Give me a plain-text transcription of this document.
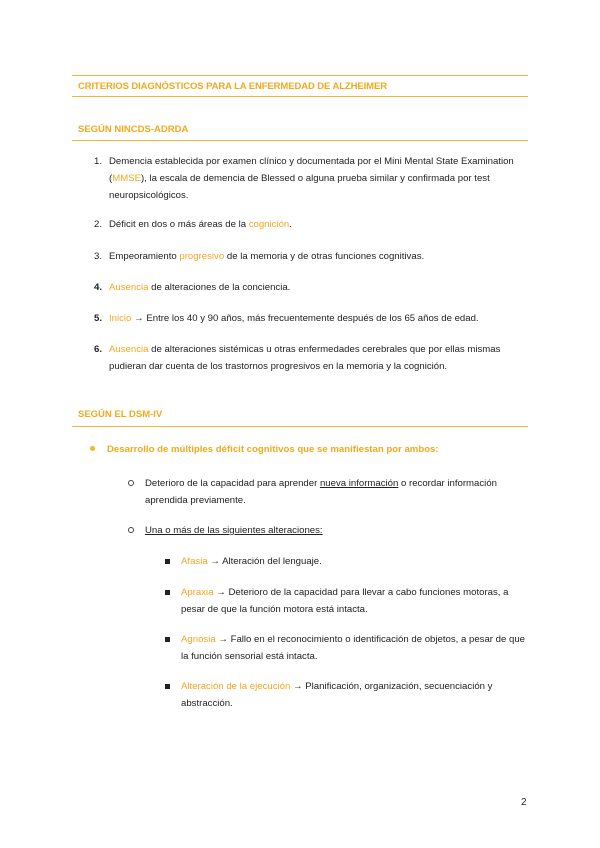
CRITERIOS DIAGNÓSTICOS PARA LA ENFERMEDAD DE ALZHEIMER
SEGÚN NINCDS-ADRDA
1. Demencia establecida por examen clínico y documentada por el Mini Mental State Examination (MMSE), la escala de demencia de Blessed o alguna prueba similar y confirmada por test neuropsicológicos.
2. Déficit en dos o más áreas de la cognición.
3. Empeoramiento progresivo de la memoria y de otras funciones cognitivas.
4. Ausencia de alteraciones de la conciencia.
5. Inicio → Entre los 40 y 90 años, más frecuentemente después de los 65 años de edad.
6. Ausencia de alteraciones sistémicas u otras enfermedades cerebrales que por ellas mismas pudieran dar cuenta de los trastornos progresivos en la memoria y la cognición.
SEGÚN EL DSM-IV
Desarrollo de múltiples déficit cognitivos que se manifiestan por ambos:
Deterioro de la capacidad para aprender nueva información o recordar información aprendida previamente.
Una o más de las siguientes alteraciones:
Afasia → Alteración del lenguaje.
Apraxia → Deterioro de la capacidad para llevar a cabo funciones motoras, a pesar de que la función motora está intacta.
Agnosia → Fallo en el reconocimiento o identificación de objetos, a pesar de que la función sensorial está intacta.
Alteración de la ejecución → Planificación, organización, secuenciación y abstracción.
2
